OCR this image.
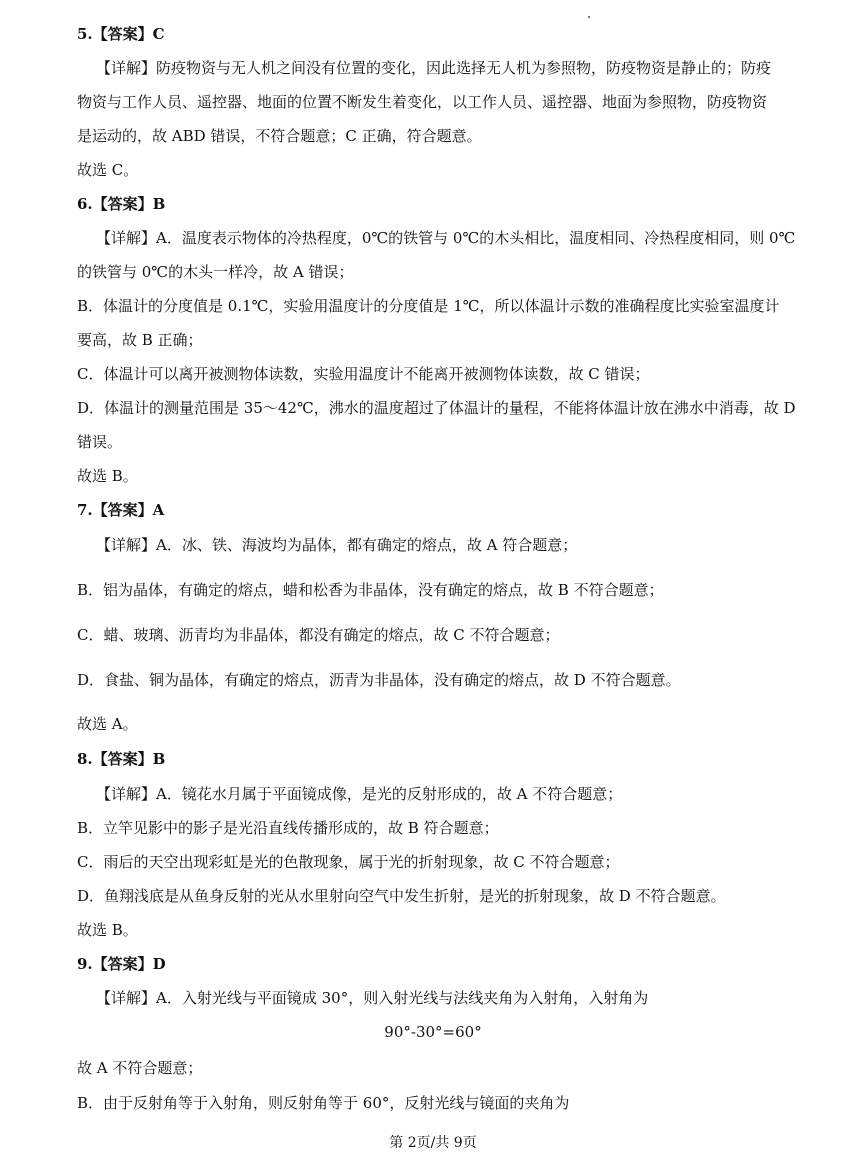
5.【答案】C
【详解】防疫物资与无人机之间没有位置的变化，因此选择无人机为参照物，防疫物资是静止的；防疫
物资与工作人员、遥控器、地面的位置不断发生着变化，以工作人员、遥控器、地面为参照物，防疫物资
是运动的，故 ABD 错误，不符合题意；C 正确，符合题意。
故选 C。
6.【答案】B
【详解】A．温度表示物体的冷热程度，0℃的铁管与 0℃的木头相比，温度相同、冷热程度相同，则 0℃
的铁管与 0℃的木头一样冷，故 A 错误；
B．体温计的分度值是 0.1℃，实验用温度计的分度值是 1℃，所以体温计示数的准确程度比实验室温度计
要高，故 B 正确；
C．体温计可以离开被测物体读数，实验用温度计不能离开被测物体读数，故 C 错误；
D．体温计的测量范围是 35～42℃，沸水的温度超过了体温计的量程，不能将体温计放在沸水中消毒，故 D
错误。
故选 B。
7.【答案】A
【详解】A．冰、铁、海波均为晶体，都有确定的熔点，故 A 符合题意；
B．铝为晶体，有确定的熔点，蜡和松香为非晶体，没有确定的熔点，故 B 不符合题意；
C．蜡、玻璃、沥青均为非晶体，都没有确定的熔点，故 C 不符合题意；
D．食盐、铜为晶体，有确定的熔点，沥青为非晶体，没有确定的熔点，故 D 不符合题意。
故选 A。
8.【答案】B
【详解】A．镜花水月属于平面镜成像，是光的反射形成的，故 A 不符合题意；
B．立竿见影中的影子是光沿直线传播形成的，故 B 符合题意；
C．雨后的天空出现彩虹是光的色散现象，属于光的折射现象，故 C 不符合题意；
D．鱼翔浅底是从鱼身反射的光从水里射向空气中发生折射，是光的折射现象，故 D 不符合题意。
故选 B。
9.【答案】D
【详解】A．入射光线与平面镜成 30°，则入射光线与法线夹角为入射角，入射角为
90°-30°=60°
故 A 不符合题意；
B．由于反射角等于入射角，则反射角等于 60°，反射光线与镜面的夹角为
第 2页/共 9页
